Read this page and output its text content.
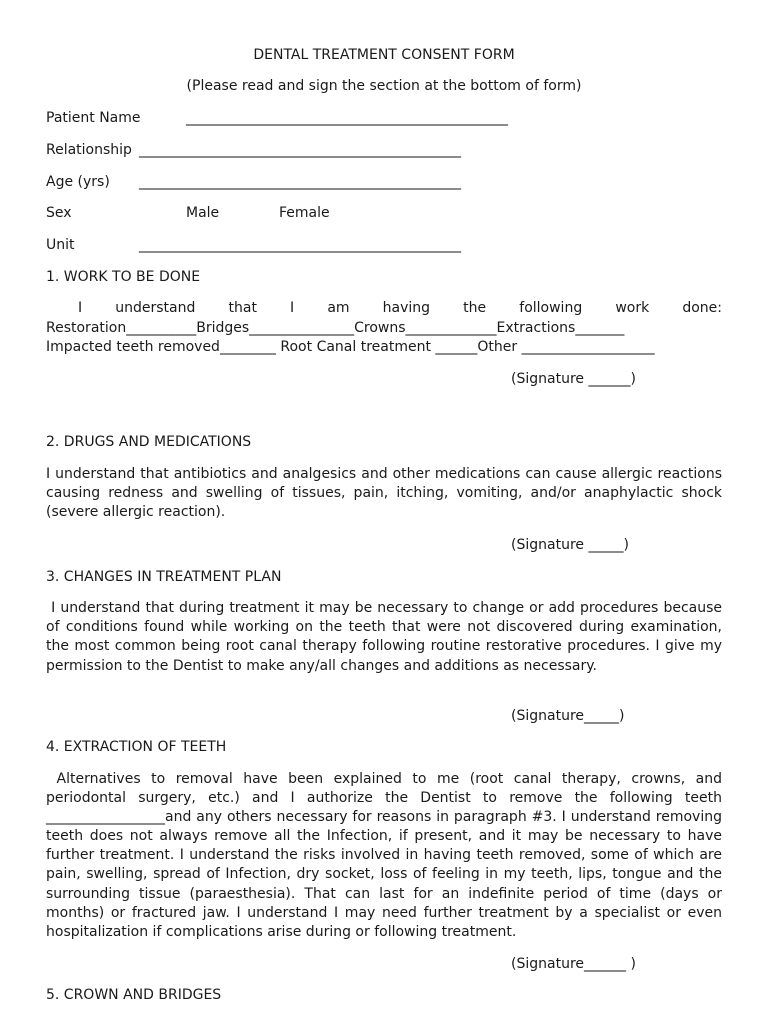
DENTAL TREATMENT CONSENT FORM
(Please read and sign the section at the bottom of form)
Patient Name	______________________________________________
Relationship ______________________________________________
Age (yrs) ______________________________________________
Sex	Male	Female
Unit	______________________________________________
1. WORK TO BE DONE
I understand that I am having the following work done:
Restoration__________Bridges_______________Crowns_____________Extractions_______
Impacted teeth removed________ Root Canal treatment ______Other ___________________
(Signature ______)
2. DRUGS AND MEDICATIONS

I understand that antibiotics and analgesics and other medications can cause allergic reactions causing redness and swelling of tissues, pain, itching, vomiting, and/or anaphylactic shock (severe allergic reaction).

(Signature _____)
3. CHANGES IN TREATMENT PLAN

I understand that during treatment it may be necessary to change or add procedures because of conditions found while working on the teeth that were not discovered during examination, the most common being root canal therapy following routine restorative procedures. I give my permission to the Dentist to make any/all changes and additions as necessary.

(Signature_____)
4. EXTRACTION OF TEETH

Alternatives to removal have been explained to me (root canal therapy, crowns, and periodontal surgery, etc.) and I authorize the Dentist to remove the following teeth _________________and any others necessary for reasons in paragraph #3. I understand removing teeth does not always remove all the Infection, if present, and it may be necessary to have further treatment. I understand the risks involved in having teeth removed, some of which are pain, swelling, spread of Infection, dry socket, loss of feeling in my teeth, lips, tongue and the surrounding tissue (paraesthesia). That can last for an indefinite period of time (days or months) or fractured jaw. I understand I may need further treatment by a specialist or even hospitalization if complications arise during or following treatment.

(Signature______ )
5. CROWN AND BRIDGES
